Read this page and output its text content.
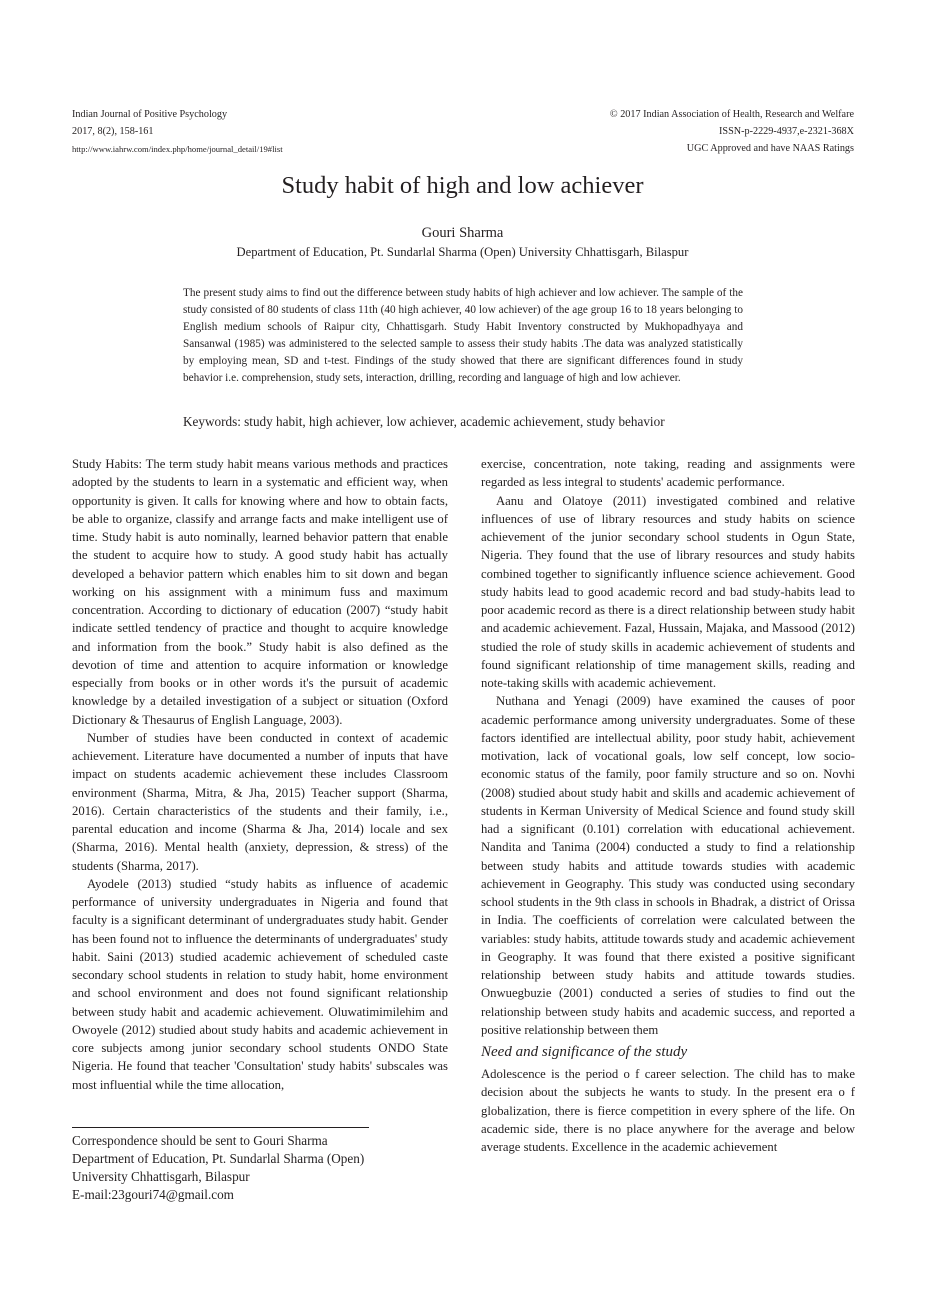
Indian Journal of Positive Psychology
2017, 8(2), 158-161
http://www.iahrw.com/index.php/home/journal_detail/19#list
© 2017 Indian Association of Health, Research and Welfare
ISSN-p-2229-4937,e-2321-368X
UGC Approved and have NAAS Ratings
Study habit of high and low achiever
Gouri Sharma
Department of Education, Pt. Sundarlal Sharma (Open) University Chhattisgarh, Bilaspur

The present study aims to find out the difference between study habits of high achiever and low achiever. The sample of the study consisted of 80 students of class 11th (40 high achiever, 40 low achiever) of the age group 16 to 18 years belonging to English medium schools of Raipur city, Chhattisgarh. Study Habit Inventory constructed by Mukhopadhyaya and Sansanwal (1985) was administered to the selected sample to assess their study habits .The data was analyzed statistically by employing mean, SD and t-test. Findings of the study showed that there are significant differences found in study behavior i.e. comprehension, study sets, interaction, drilling, recording and language of high and low achiever.

Keywords: study habit, high achiever, low achiever, academic achievement, study behavior

Study Habits: The term study habit means various methods and practices adopted by the students to learn in a systematic and efficient way, when opportunity is given. It calls for knowing where and how to obtain facts, be able to organize, classify and arrange facts and make intelligent use of time. Study habit is auto nominally, learned behavior pattern that enable the student to acquire how to study. A good study habit has actually developed a behavior pattern which enables him to sit down and began working on his assignment with a minimum fuss and maximum concentration. According to dictionary of education (2007) “study habit indicate settled tendency of practice and thought to acquire knowledge and information from the book.” Study habit is also defined as the devotion of time and attention to acquire information or knowledge especially from books or in other words it's the pursuit of academic knowledge by a detailed investigation of a subject or situation (Oxford Dictionary & Thesaurus of English Language, 2003).

Number of studies have been conducted in context of academic achievement. Literature have documented a number of inputs that have impact on students academic achievement these includes Classroom environment (Sharma, Mitra, & Jha, 2015) Teacher support (Sharma, 2016). Certain characteristics of the students and their family, i.e., parental education and income (Sharma & Jha, 2014) locale and sex (Sharma, 2016). Mental health (anxiety, depression, & stress) of the students (Sharma, 2017).

Ayodele (2013) studied “study habits as influence of academic performance of university undergraduates in Nigeria and found that faculty is a significant determinant of undergraduates study habit. Gender has been found not to influence the determinants of undergraduates' study habit. Saini (2013) studied academic achievement of scheduled caste secondary school students in relation to study habit, home environment and school environment and does not found significant relationship between study habit and academic achievement. Oluwatimimilehim and Owoyele (2012) studied about study habits and academic achievement in core subjects among junior secondary school students ONDO State Nigeria. He found that teacher 'Consultation' study habits' subscales was most influential while the time allocation,

exercise, concentration, note taking, reading and assignments were regarded as less integral to students' academic performance.

Aanu and Olatoye (2011) investigated combined and relative influences of use of library resources and study habits on science achievement of the junior secondary school students in Ogun State, Nigeria. They found that the use of library resources and study habits combined together to significantly influence science achievement. Good study habits lead to good academic record and bad study-habits lead to poor academic record as there is a direct relationship between study habit and academic achievement. Fazal, Hussain, Majaka, and Massood (2012) studied the role of study skills in academic achievement of students and found significant relationship of time management skills, reading and note-taking skills with academic achievement.

Nuthana and Yenagi (2009) have examined the causes of poor academic performance among university undergraduates. Some of these factors identified are intellectual ability, poor study habit, achievement motivation, lack of vocational goals, low self concept, low socio-economic status of the family, poor family structure and so on. Novhi (2008) studied about study habit and skills and academic achievement of students in Kerman University of Medical Science and found study skill had a significant (0.101) correlation with educational achievement. Nandita and Tanima (2004) conducted a study to find a relationship between study habits and attitude towards studies with academic achievement in Geography. This study was conducted using secondary school students in the 9th class in schools in Bhadrak, a district of Orissa in India. The coefficients of correlation were calculated between the variables: study habits, attitude towards study and academic achievement in Geography. It was found that there existed a positive significant relationship between study habits and attitude towards studies. Onwuegbuzie (2001) conducted a series of studies to find out the relationship between study habits and academic success, and reported a positive relationship between them

Need and significance of the study

Adolescence is the period o f career selection. The child has to make decision about the subjects he wants to study. In the present era o f globalization, there is fierce competition in every sphere of the life. On academic side, there is no place anywhere for the average and below average students. Excellence in the academic achievement

Correspondence should be sent to Gouri Sharma
Department of Education, Pt. Sundarlal Sharma (Open)
University Chhattisgarh, Bilaspur
E-mail:23gouri74@gmail.com
